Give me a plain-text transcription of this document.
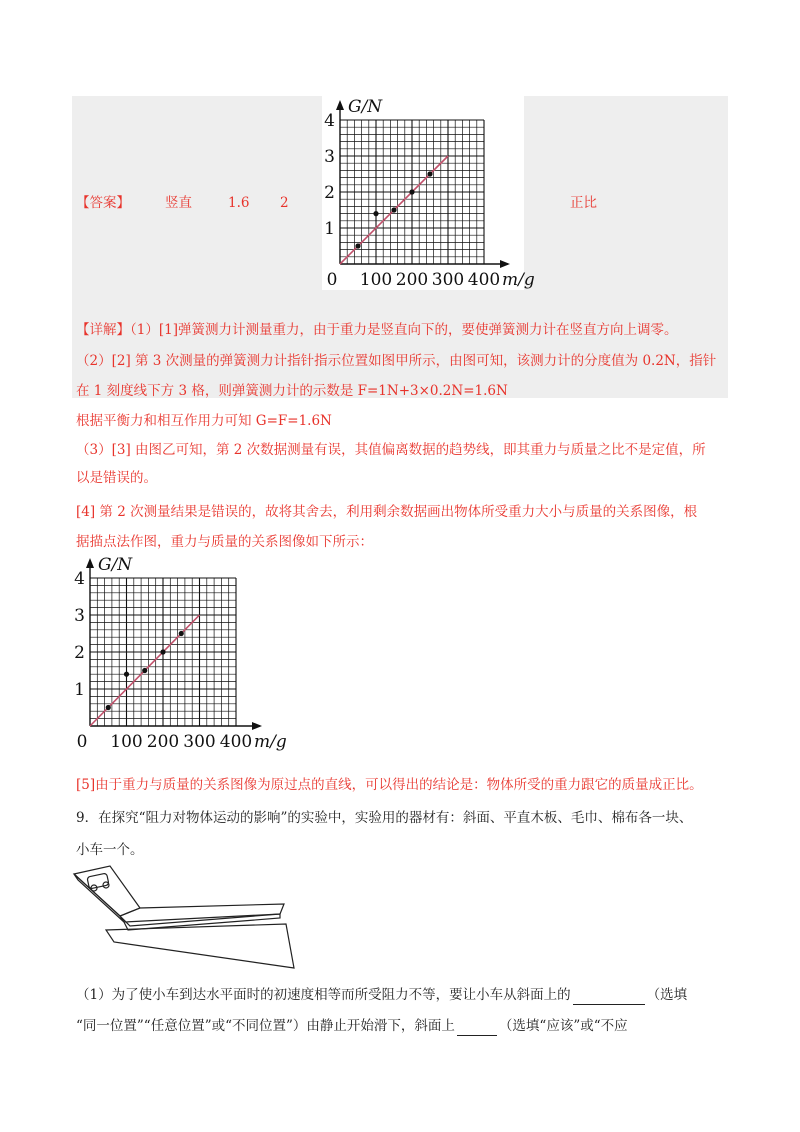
【答案】	竖直	1.6 2	正比
1
2
3
4
0 100 200 300 400
G/N
m/g
【详解】（1）[1]弹簧测力计测量重力，由于重力是竖直向下的，要使弹簧测力计在竖直方向上调零。
（2）[2] 第 3 次测量的弹簧测力计指针指示位置如图甲所示，由图可知，该测力计的分度值为 0.2N，指针
在 1 刻度线下方 3 格，则弹簧测力计的示数是 F=1N+3×0.2N=1.6N
根据平衡力和相互作用力可知 G=F=1.6N
（3）[3] 由图乙可知，第 2 次数据测量有误，其值偏离数据的趋势线，即其重力与质量之比不是定值，所
以是错误的。
[4] 第 2 次测量结果是错误的，故将其舍去，利用剩余数据画出物体所受重力大小与质量的关系图像，根
据描点法作图，重力与质量的关系图像如下所示：
1
2
3
4
0 100 200 300 400
G/N
m/g
[5]由于重力与质量的关系图像为原过点的直线，可以得出的结论是：物体所受的重力跟它的质量成正比。
9．在探究“阻力对物体运动的影响”的实验中，实验用的器材有：斜面、平直木板、毛巾、棉布各一块、
小车一个。
（1）为了使小车到达水平面时的初速度相等而所受阻力不等，要让小车从斜面上的	（选填
“同一位置”“任意位置”或“不同位置”）由静止开始滑下，斜面上	（选填“应该”或“不应
